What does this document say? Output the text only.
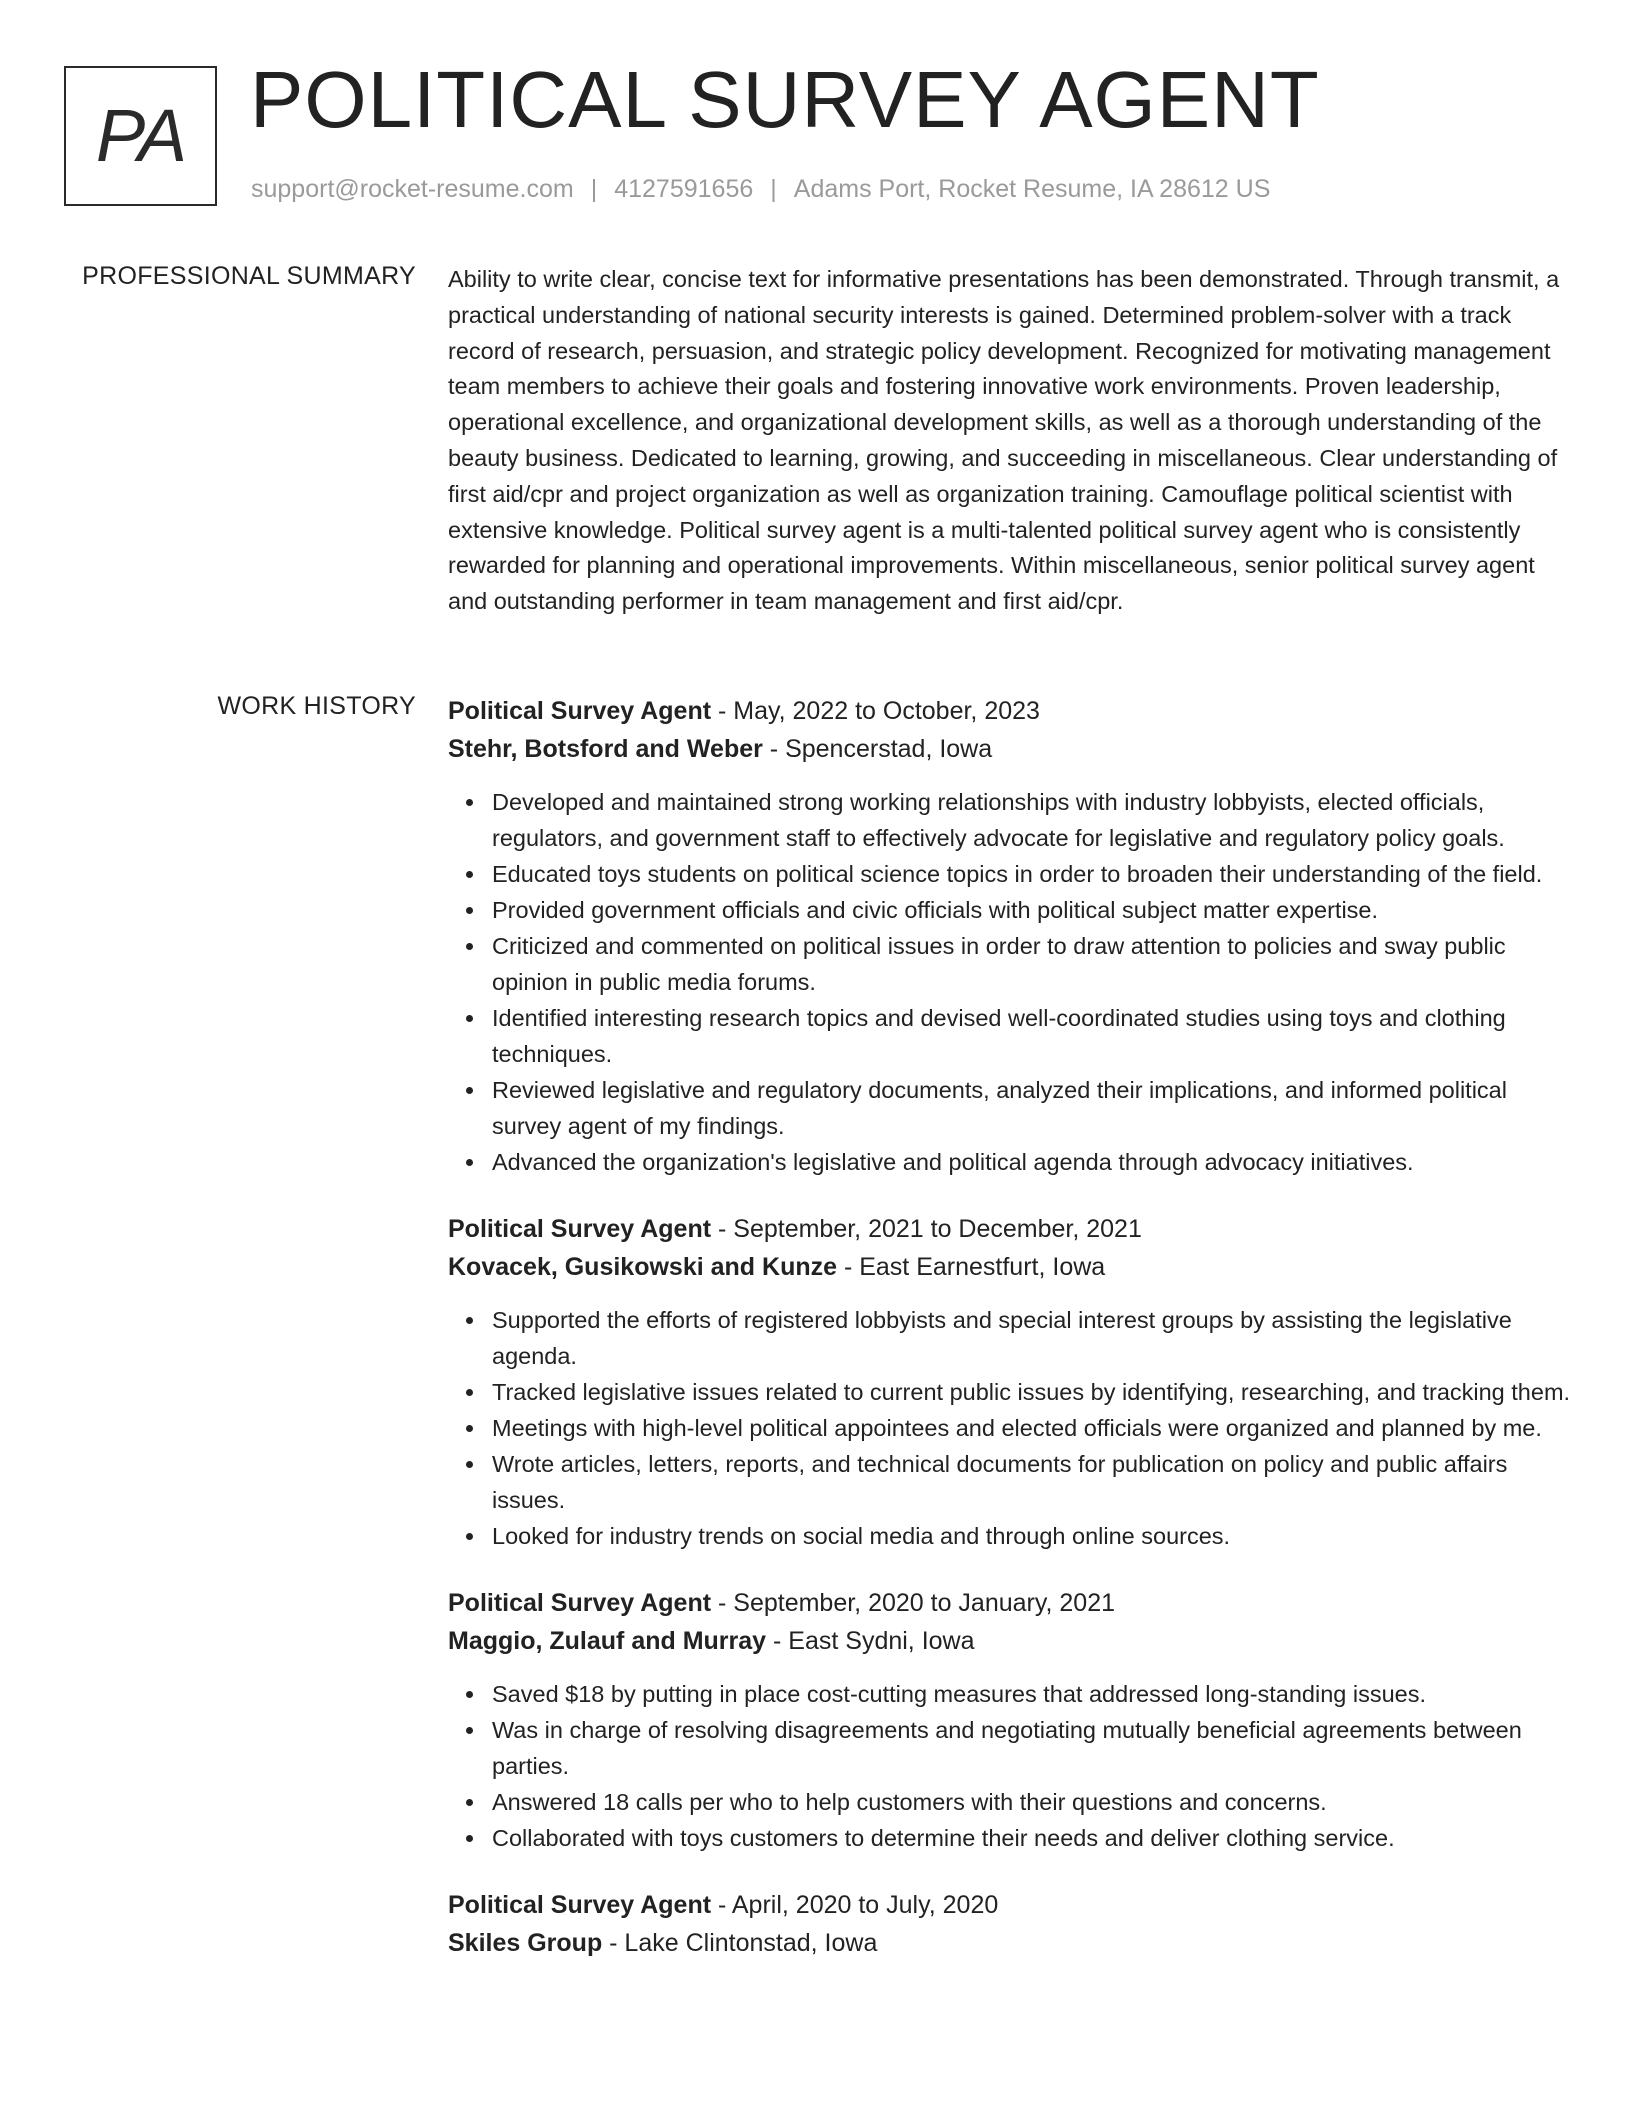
PA POLITICAL SURVEY AGENT
support@rocket-resume.com | 4127591656 | Adams Port, Rocket Resume, IA 28612 US
PROFESSIONAL SUMMARY Ability to write clear, concise text for informative presentations has been demonstrated. Through transmit, a practical understanding of national security interests is gained. Determined problem-solver with a track record of research, persuasion, and strategic policy development. Recognized for motivating management team members to achieve their goals and fostering innovative work environments. Proven leadership, operational excellence, and organizational development skills, as well as a thorough understanding of the beauty business. Dedicated to learning, growing, and succeeding in miscellaneous. Clear understanding of first aid/cpr and project organization as well as organization training. Camouflage political scientist with extensive knowledge. Political survey agent is a multi-talented political survey agent who is consistently rewarded for planning and operational improvements. Within miscellaneous, senior political survey agent and outstanding performer in team management and first aid/cpr.

WORK HISTORY Political Survey Agent - May, 2022 to October, 2023
Stehr, Botsford and Weber - Spencerstad, Iowa
Developed and maintained strong working relationships with industry lobbyists, elected officials, regulators, and government staff to effectively advocate for legislative and regulatory policy goals.
Educated toys students on political science topics in order to broaden their understanding of the field.
Provided government officials and civic officials with political subject matter expertise.
Criticized and commented on political issues in order to draw attention to policies and sway public opinion in public media forums.
Identified interesting research topics and devised well-coordinated studies using toys and clothing techniques.
Reviewed legislative and regulatory documents, analyzed their implications, and informed political survey agent of my findings.
Advanced the organization's legislative and political agenda through advocacy initiatives.
Political Survey Agent - September, 2021 to December, 2021
Kovacek, Gusikowski and Kunze - East Earnestfurt, Iowa
Supported the efforts of registered lobbyists and special interest groups by assisting the legislative agenda.
Tracked legislative issues related to current public issues by identifying, researching, and tracking them.
Meetings with high-level political appointees and elected officials were organized and planned by me.
Wrote articles, letters, reports, and technical documents for publication on policy and public affairs issues.
Looked for industry trends on social media and through online sources.
Political Survey Agent - September, 2020 to January, 2021
Maggio, Zulauf and Murray - East Sydni, Iowa
Saved $18 by putting in place cost-cutting measures that addressed long-standing issues.
Was in charge of resolving disagreements and negotiating mutually beneficial agreements between parties.
Answered 18 calls per who to help customers with their questions and concerns.
Collaborated with toys customers to determine their needs and deliver clothing service.
Political Survey Agent - April, 2020 to July, 2020
Skiles Group - Lake Clintonstad, Iowa
